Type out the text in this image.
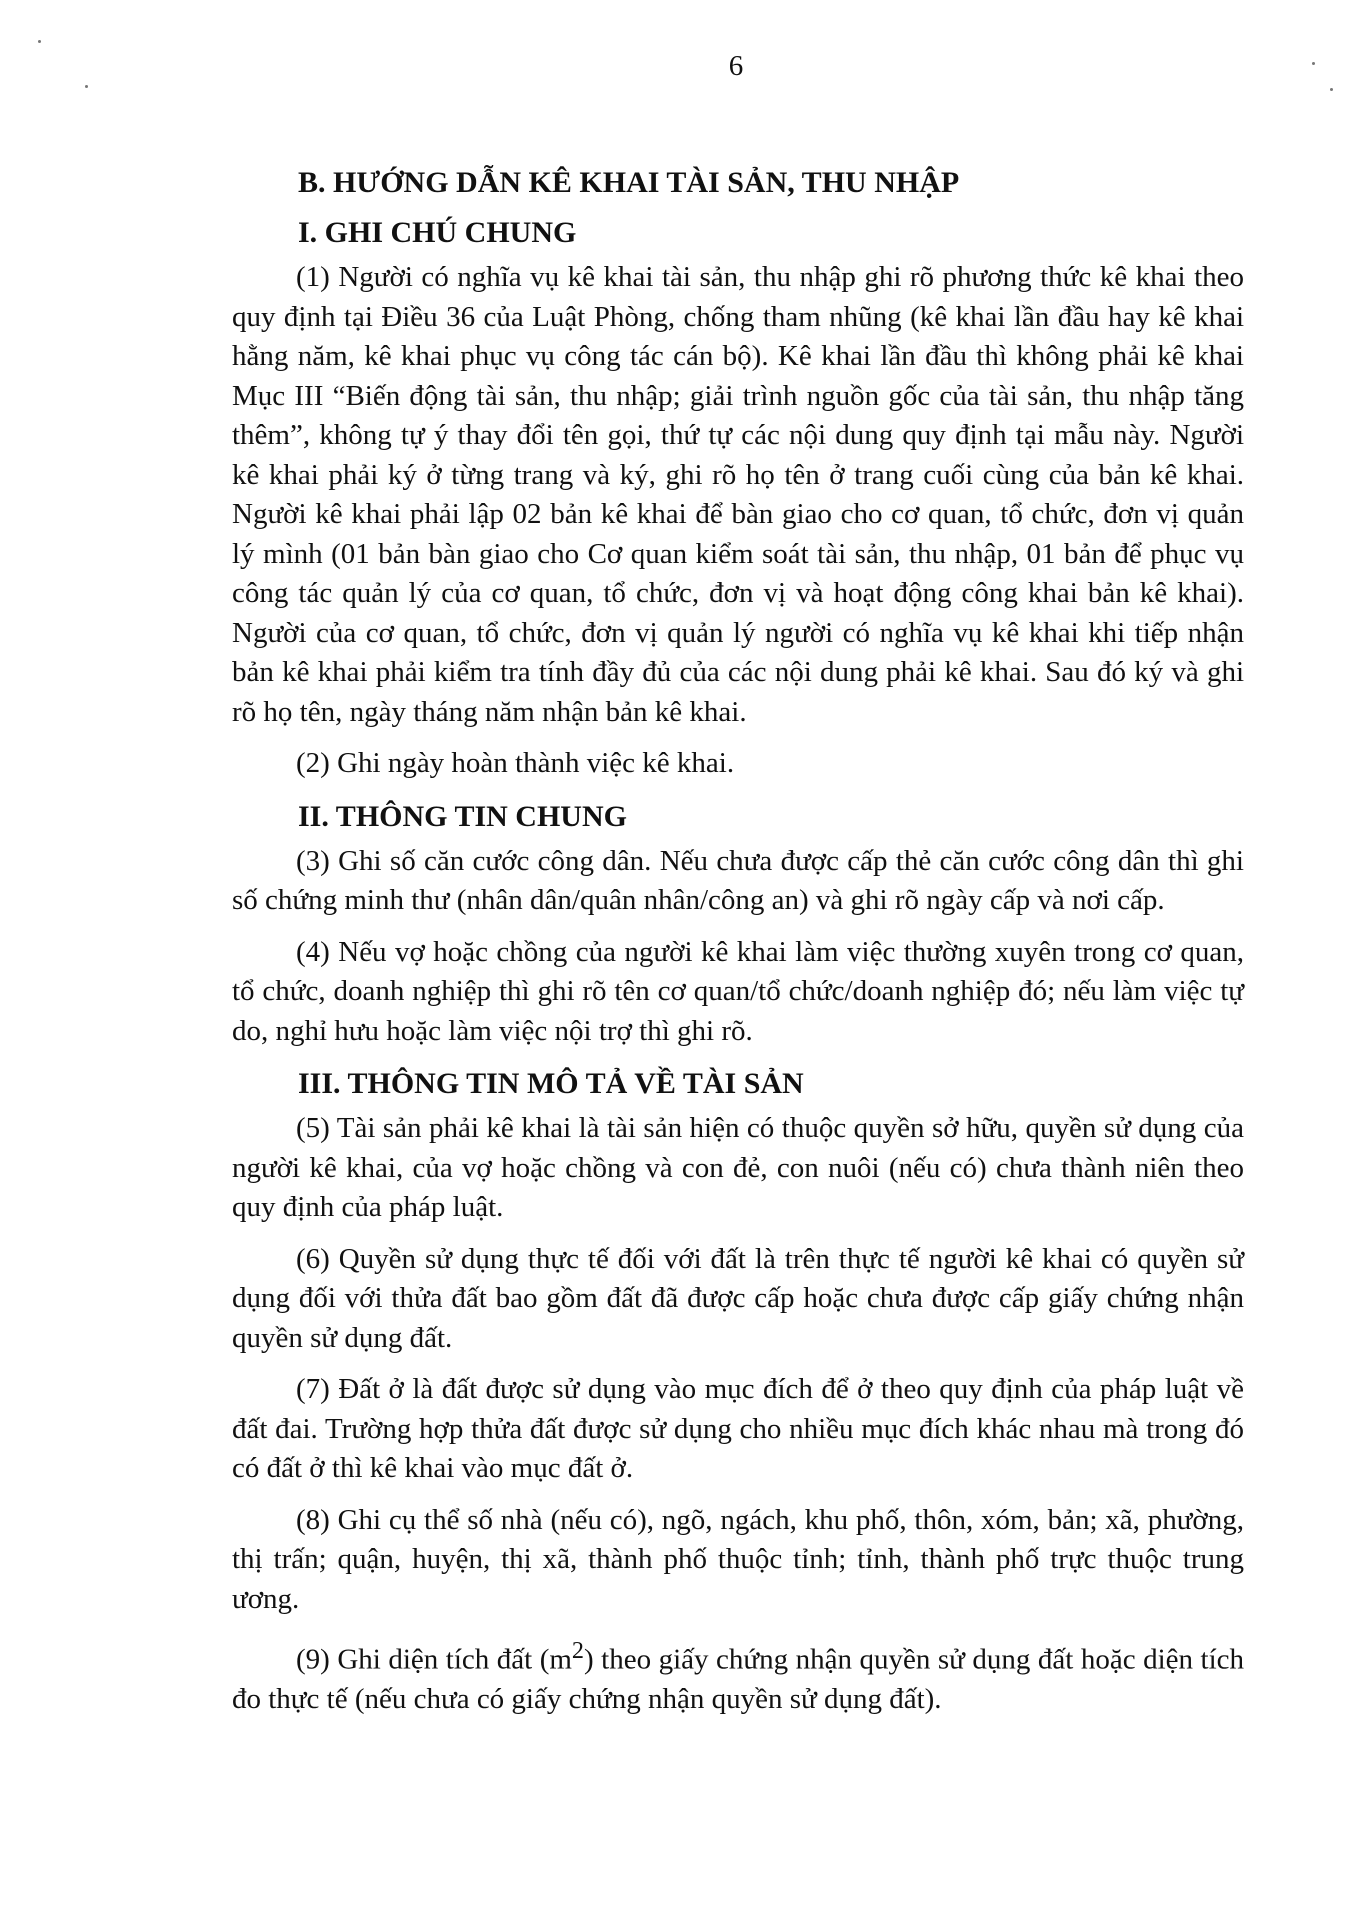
6
B. HƯỚNG DẪN KÊ KHAI TÀI SẢN, THU NHẬP
I. GHI CHÚ CHUNG

(1) Người có nghĩa vụ kê khai tài sản, thu nhập ghi rõ phương thức kê khai theo quy định tại Điều 36 của Luật Phòng, chống tham nhũng (kê khai lần đầu hay kê khai hằng năm, kê khai phục vụ công tác cán bộ). Kê khai lần đầu thì không phải kê khai Mục III “Biến động tài sản, thu nhập; giải trình nguồn gốc của tài sản, thu nhập tăng thêm”, không tự ý thay đổi tên gọi, thứ tự các nội dung quy định tại mẫu này. Người kê khai phải ký ở từng trang và ký, ghi rõ họ tên ở trang cuối cùng của bản kê khai. Người kê khai phải lập 02 bản kê khai để bàn giao cho cơ quan, tổ chức, đơn vị quản lý mình (01 bản bàn giao cho Cơ quan kiểm soát tài sản, thu nhập, 01 bản để phục vụ công tác quản lý của cơ quan, tổ chức, đơn vị và hoạt động công khai bản kê khai). Người của cơ quan, tổ chức, đơn vị quản lý người có nghĩa vụ kê khai khi tiếp nhận bản kê khai phải kiểm tra tính đầy đủ của các nội dung phải kê khai. Sau đó ký và ghi rõ họ tên, ngày tháng năm nhận bản kê khai.

(2) Ghi ngày hoàn thành việc kê khai.

II. THÔNG TIN CHUNG

(3) Ghi số căn cước công dân. Nếu chưa được cấp thẻ căn cước công dân thì ghi số chứng minh thư (nhân dân/quân nhân/công an) và ghi rõ ngày cấp và nơi cấp.

(4) Nếu vợ hoặc chồng của người kê khai làm việc thường xuyên trong cơ quan, tổ chức, doanh nghiệp thì ghi rõ tên cơ quan/tổ chức/doanh nghiệp đó; nếu làm việc tự do, nghỉ hưu hoặc làm việc nội trợ thì ghi rõ.

III. THÔNG TIN MÔ TẢ VỀ TÀI SẢN

(5) Tài sản phải kê khai là tài sản hiện có thuộc quyền sở hữu, quyền sử dụng của người kê khai, của vợ hoặc chồng và con đẻ, con nuôi (nếu có) chưa thành niên theo quy định của pháp luật.

(6) Quyền sử dụng thực tế đối với đất là trên thực tế người kê khai có quyền sử dụng đối với thửa đất bao gồm đất đã được cấp hoặc chưa được cấp giấy chứng nhận quyền sử dụng đất.

(7) Đất ở là đất được sử dụng vào mục đích để ở theo quy định của pháp luật về đất đai. Trường hợp thửa đất được sử dụng cho nhiều mục đích khác nhau mà trong đó có đất ở thì kê khai vào mục đất ở.

(8) Ghi cụ thể số nhà (nếu có), ngõ, ngách, khu phố, thôn, xóm, bản; xã, phường, thị trấn; quận, huyện, thị xã, thành phố thuộc tỉnh; tỉnh, thành phố trực thuộc trung ương.

(9) Ghi diện tích đất $(m^2)$ theo giấy chứng nhận quyền sử dụng đất hoặc diện tích đo thực tế (nếu chưa có giấy chứng nhận quyền sử dụng đất).
